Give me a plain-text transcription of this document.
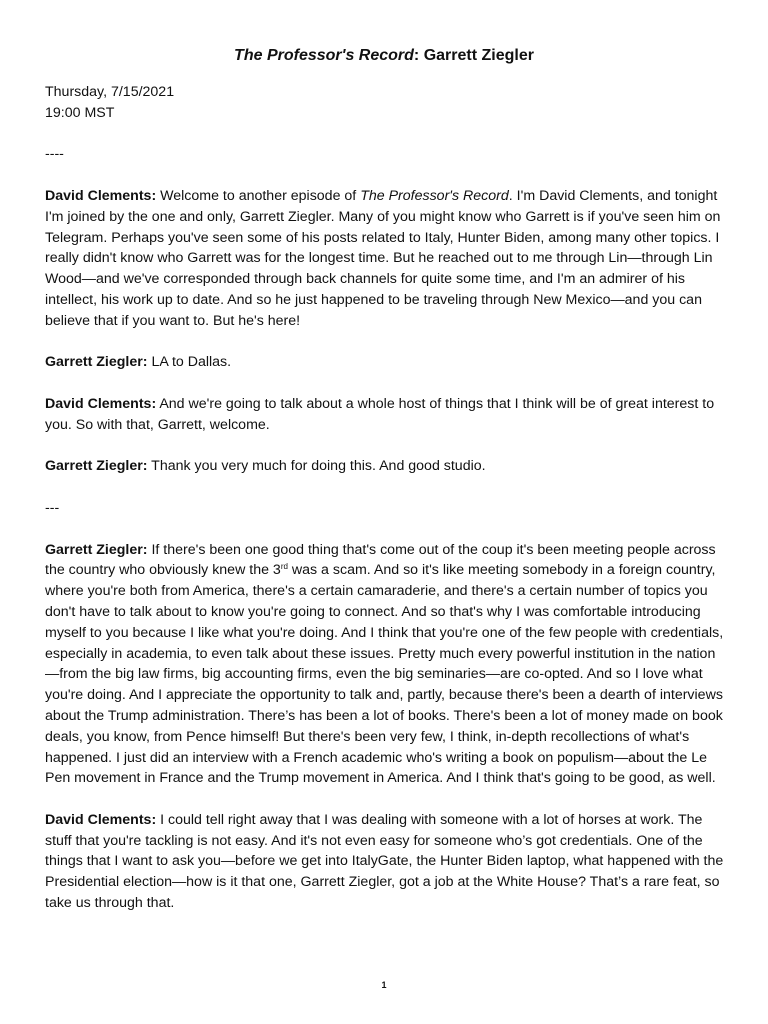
The Professor's Record: Garrett Ziegler

Thursday, 7/15/2021

19:00 MST

----

David Clements: Welcome to another episode of The Professor's Record. I'm David Clements, and tonight I'm joined by the one and only, Garrett Ziegler. Many of you might know who Garrett is if you've seen him on Telegram. Perhaps you've seen some of his posts related to Italy, Hunter Biden, among many other topics. I really didn't know who Garrett was for the longest time. But he reached out to me through Lin—through Lin Wood—and we've corresponded through back channels for quite some time, and I'm an admirer of his intellect, his work up to date. And so he just happened to be traveling through New Mexico—and you can believe that if you want to. But he's here!

Garrett Ziegler: LA to Dallas.

David Clements: And we're going to talk about a whole host of things that I think will be of great interest to you. So with that, Garrett, welcome.

Garrett Ziegler: Thank you very much for doing this. And good studio.

---

Garrett Ziegler: If there's been one good thing that's come out of the coup it's been meeting people across the country who obviously knew the 3rd was a scam. And so it's like meeting somebody in a foreign country, where you're both from America, there's a certain camaraderie, and there's a certain number of topics you don't have to talk about to know you're going to connect. And so that's why I was comfortable introducing myself to you because I like what you're doing. And I think that you're one of the few people with credentials, especially in academia, to even talk about these issues. Pretty much every powerful institution in the nation—from the big law firms, big accounting firms, even the big seminaries—are co-opted. And so I love what you're doing. And I appreciate the opportunity to talk and, partly, because there's been a dearth of interviews about the Trump administration. There’s has been a lot of books. There's been a lot of money made on book deals, you know, from Pence himself! But there's been very few, I think, in-depth recollections of what's happened. I just did an interview with a French academic who's writing a book on populism—about the Le Pen movement in France and the Trump movement in America. And I think that's going to be good, as well.

David Clements: I could tell right away that I was dealing with someone with a lot of horses at work. The stuff that you're tackling is not easy. And it's not even easy for someone who’s got credentials. One of the things that I want to ask you—before we get into ItalyGate, the Hunter Biden laptop, what happened with the Presidential election—how is it that one, Garrett Ziegler, got a job at the White House? That’s a rare feat, so take us through that.

1
